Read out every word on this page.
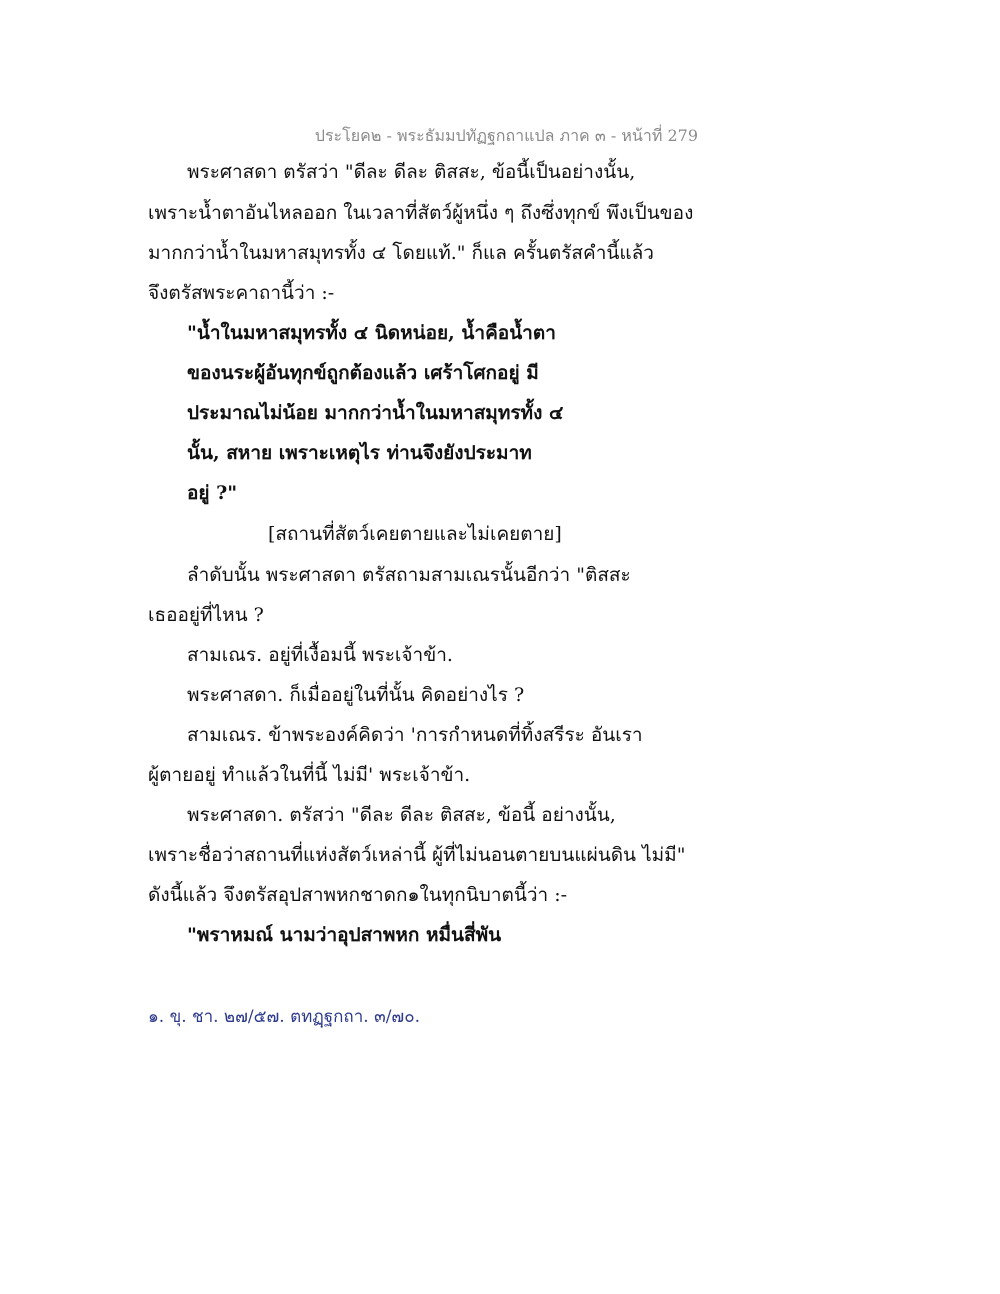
ประโยค๒ - พระธัมมปทัฏฐกถาแปล ภาค ๓ - หน้าที่ 279
พระศาสดา ตรัสว่า "ดีละ ดีละ ติสสะ, ข้อนี้เป็นอย่างนั้น,
เพราะน้ำตาอันไหลออก ในเวลาที่สัตว์ผู้หนึ่ง ๆ ถึงซึ่งทุกข์ พึงเป็นของ
มากกว่าน้ำในมหาสมุทรทั้ง ๔ โดยแท้." ก็แล ครั้นตรัสคำนี้แล้ว
จึงตรัสพระคาถานี้ว่า :-
"น้ำในมหาสมุทรทั้ง ๔ นิดหน่อย, น้ำคือน้ำตา
ของนระผู้อันทุกข์ถูกต้องแล้ว เศร้าโศกอยู่ มี
ประมาณไม่น้อย มากกว่าน้ำในมหาสมุทรทั้ง ๔
นั้น, สหาย เพราะเหตุไร ท่านจึงยังประมาท
อยู่ ?"
[สถานที่สัตว์เคยตายและไม่เคยตาย]
ลำดับนั้น พระศาสดา ตรัสถามสามเณรนั้นอีกว่า "ติสสะ
เธออยู่ที่ไหน ?
สามเณร. อยู่ที่เงื้อมนี้ พระเจ้าข้า.
พระศาสดา. ก็เมื่ออยู่ในที่นั้น คิดอย่างไร ?
สามเณร. ข้าพระองค์คิดว่า 'การกำหนดที่ทิ้งสรีระ อันเรา
ผู้ตายอยู่ ทำแล้วในที่นี้ ไม่มี' พระเจ้าข้า.
พระศาสดา. ตรัสว่า "ดีละ ดีละ ติสสะ, ข้อนี้ อย่างนั้น,
เพราะชื่อว่าสถานที่แห่งสัตว์เหล่านี้ ผู้ที่ไม่นอนตายบนแผ่นดิน ไม่มี"
ดังนี้แล้ว จึงตรัสอุปสาพหกชาดก๑ในทุกนิบาตนี้ว่า :-
"พราหมณ์ นามว่าอุปสาพหก หมื่นสี่พัน
๑. ขุ. ชา. ๒๗/๕๗. ตทฏฺฐกถา. ๓/๗๐.
